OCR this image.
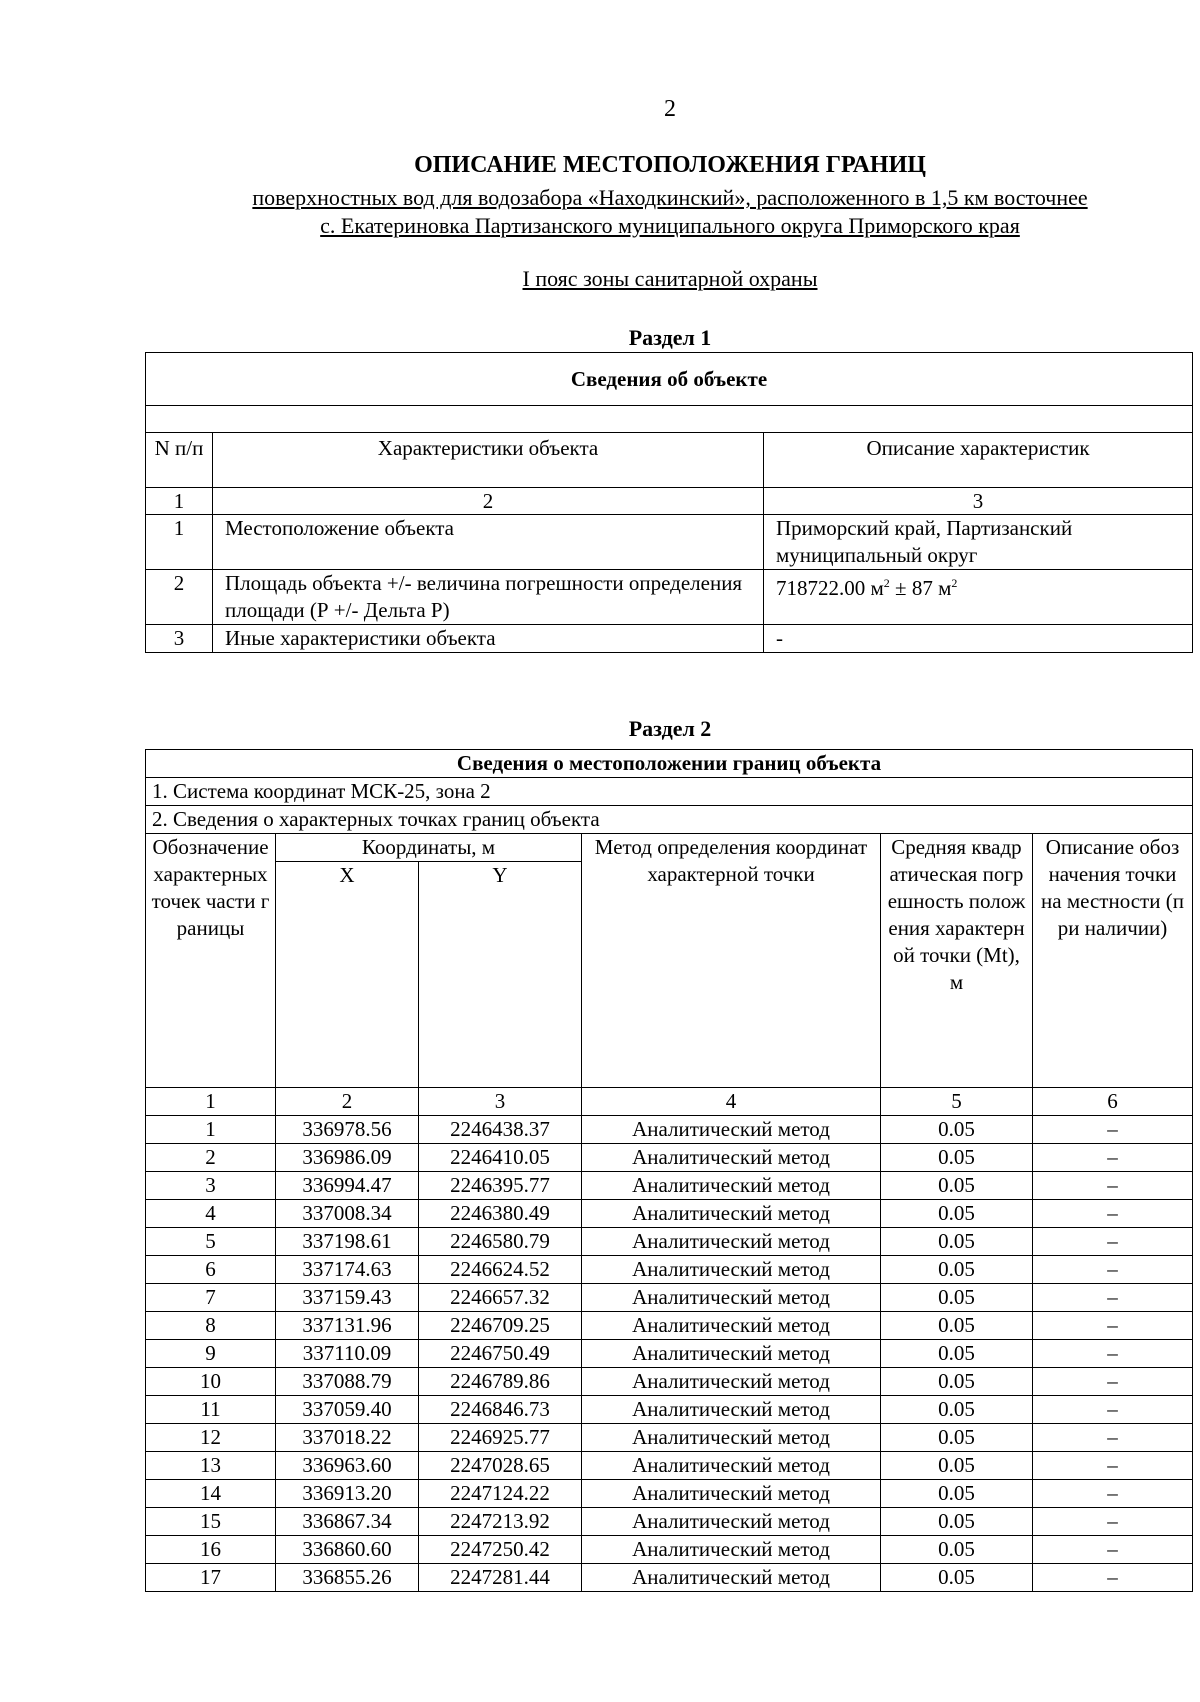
2
ОПИСАНИЕ МЕСТОПОЛОЖЕНИЯ ГРАНИЦ
поверхностных вод для водозабора «Находкинский», расположенного в 1,5 км восточнее
с. Екатериновка Партизанского муниципального округа Приморского края
I пояс зоны санитарной охраны
Раздел 1
Сведения об объекте		

N п/п	Характеристики объекта	Описание характеристик
1	2	3
1	Местоположение объекта	Приморский край, Партизанский муниципальный округ
2	Площадь объекта +/- величина погрешности определения площади (Р +/- Дельта Р)	718722.00 $м^2 \pm 87$ $м^2$
3	Иные характеристики объекта	-
Раздел 2
Сведения о местоположении границ объекта					
1. Система координат МСК-25, зона 2					
2. Сведения о характерных точках границ объекта					
Обозначение характерных точек части границы	Координаты, м		Метод определения координат характерной точки	Средняя квадратическая погрешность положения характерной точки (Mt), м	Описание обозначения точки на местности (при наличии)
	X	Y			
1	2	3	4	5	6
1	336978.56	2246438.37	Аналитический метод	0.05	–
2	336986.09	2246410.05	Аналитический метод	0.05	–
3	336994.47	2246395.77	Аналитический метод	0.05	–
4	337008.34	2246380.49	Аналитический метод	0.05	–
5	337198.61	2246580.79	Аналитический метод	0.05	–
6	337174.63	2246624.52	Аналитический метод	0.05	–
7	337159.43	2246657.32	Аналитический метод	0.05	–
8	337131.96	2246709.25	Аналитический метод	0.05	–
9	337110.09	2246750.49	Аналитический метод	0.05	–
10	337088.79	2246789.86	Аналитический метод	0.05	–
11	337059.40	2246846.73	Аналитический метод	0.05	–
12	337018.22	2246925.77	Аналитический метод	0.05	–
13	336963.60	2247028.65	Аналитический метод	0.05	–
14	336913.20	2247124.22	Аналитический метод	0.05	–
15	336867.34	2247213.92	Аналитический метод	0.05	–
16	336860.60	2247250.42	Аналитический метод	0.05	–
17	336855.26	2247281.44	Аналитический метод	0.05	–
